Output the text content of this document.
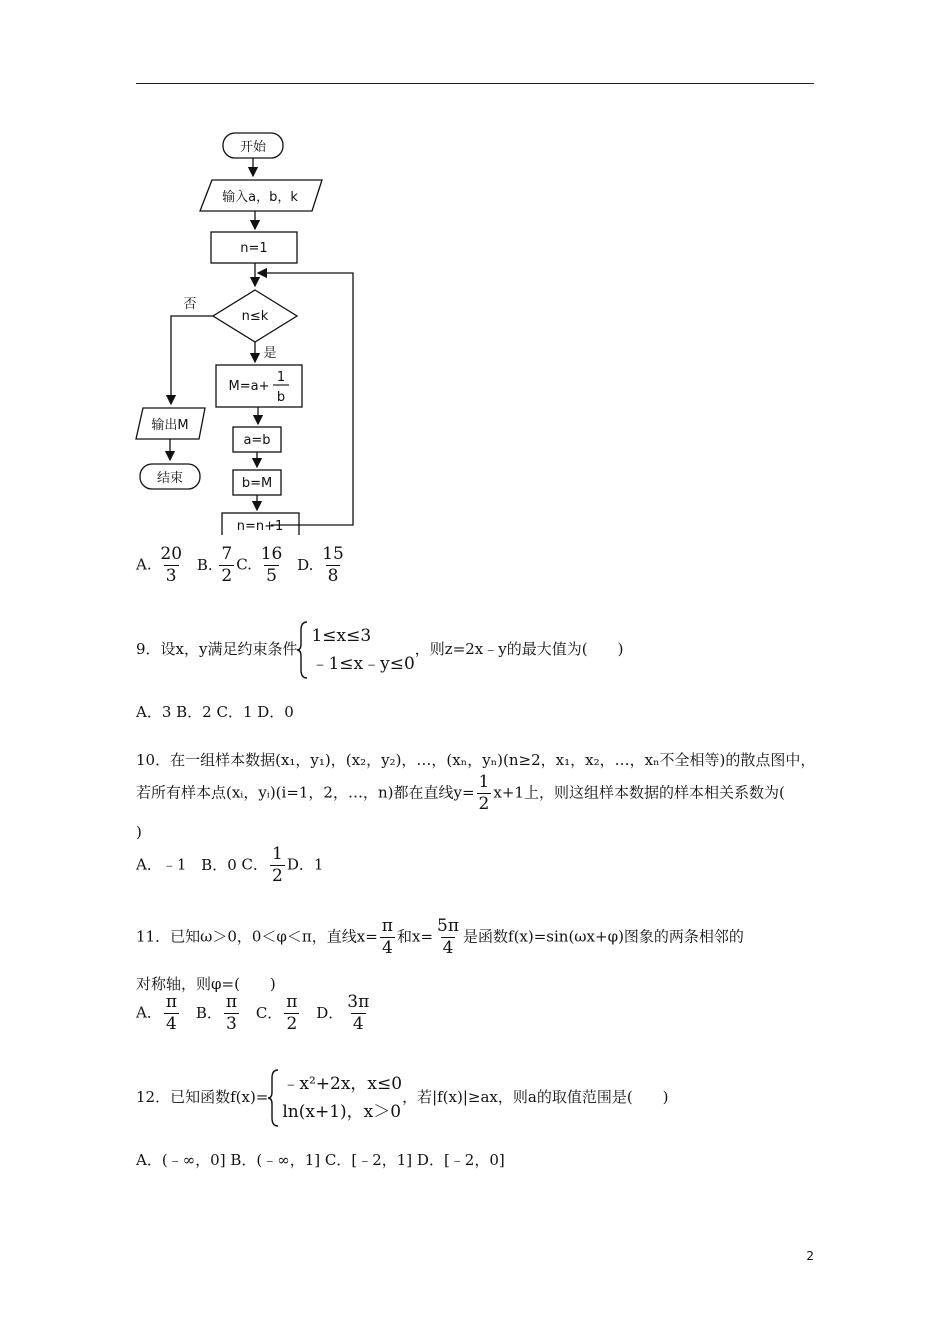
开始
输入a，b，k
n=1
n≤k
否
是
M=a+
1
b
a=b
b=M
n=n+1
输出M
结束
A. $\frac{20}{3} B$. $\frac{7}{2} C$. $\frac{16}{5} D$. $\frac{15}{8}$
9．设x，y满足约束条件
1≤x≤3
﹣1≤x﹣y≤0
，则z=2x﹣y的最大值为(　　)
A．3 B．2 C．1 D．0
10．在一组样本数据(x₁，y₁)，(x₂，y₂)，…，(xₙ，yₙ)(n≥2，x₁，x₂，…，xₙ不全相等)的散点图中，
若所有样本点(xᵢ，yᵢ)(i=1，2，…，n)都在直线$y= \frac{1}{2} x+1$上，则这组样本数据的样本相关系数为(
)
A．﹣1 B．0 C． $\frac{1}{2}$ D．1
11．已知ω＞0，0＜φ＜π，直线$x= \frac{\pi}{4}$ 和$x= \frac{5\pi}{4}$ 是函数f(x)=sin(ωx+φ)图象的两条相邻的
对称轴，则φ=(　　)
A． $\frac{\pi}{4}$ B． $\frac{\pi}{3}$ C． $\frac{\pi}{2}$ D． $\frac{3\pi}{4}$
12．已知函数f(x)=
﹣x²+2x，x≤0
ln(x+1)，x＞0
，若|f(x)|≥ax，则a的取值范围是(　　)
A．(﹣∞，0] B．(﹣∞，1] C．[﹣2，1] D．[﹣2，0]
2
